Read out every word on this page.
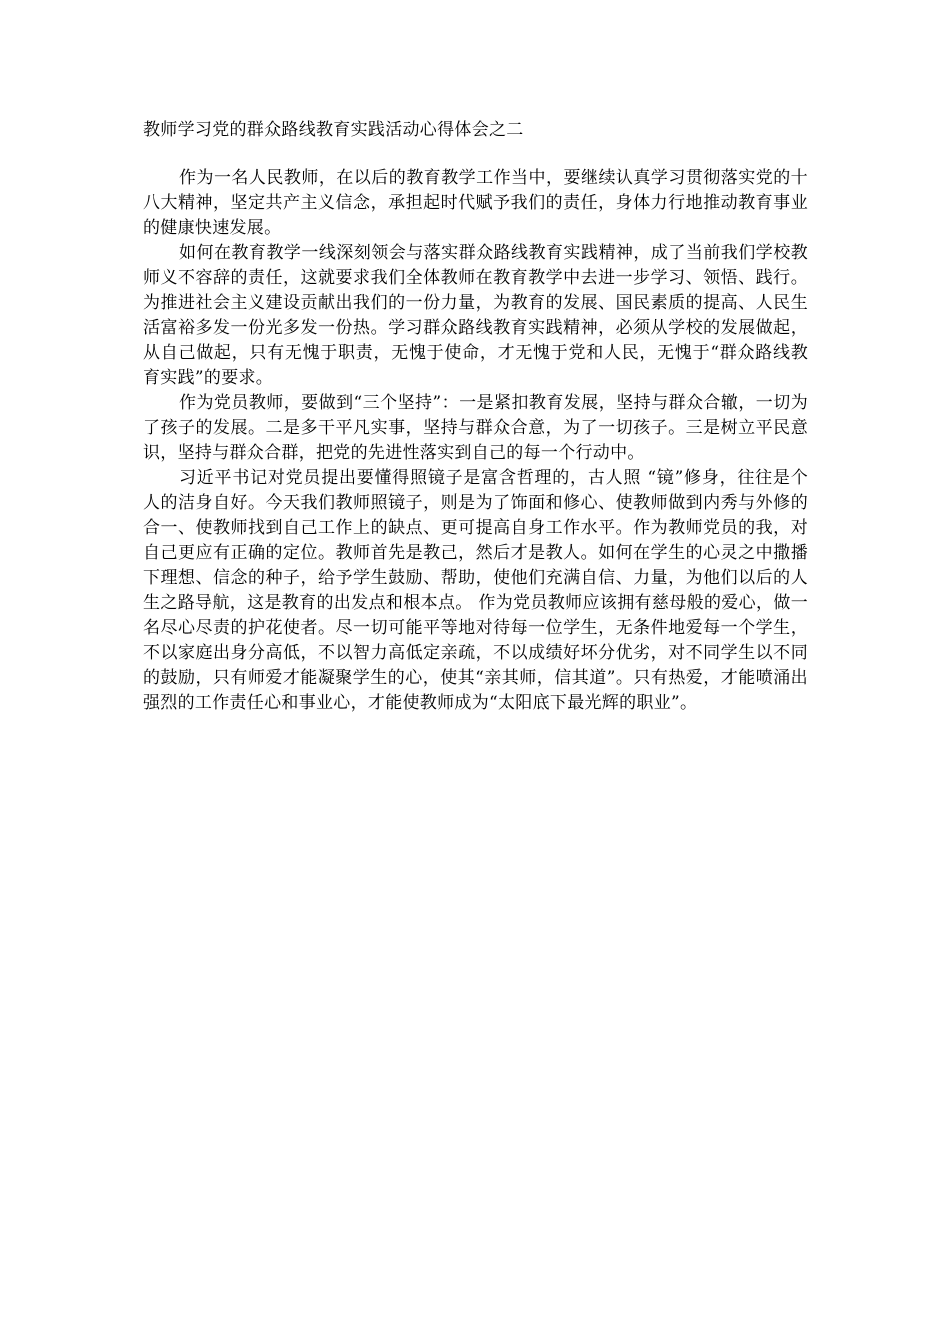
教师学习党的群众路线教育实践活动心得体会之二

作为一名人民教师，在以后的教育教学工作当中，要继续认真学习贯彻落实党的十八大精神，坚定共产主义信念，承担起时代赋予我们的责任，身体力行地推动教育事业的健康快速发展。

如何在教育教学一线深刻领会与落实群众路线教育实践精神，成了当前我们学校教师义不容辞的责任，这就要求我们全体教师在教育教学中去进一步学习、领悟、践行。为推进社会主义建设贡献出我们的一份力量，为教育的发展、国民素质的提高、人民生活富裕多发一份光多发一份热。学习群众路线教育实践精神，必须从学校的发展做起，从自己做起，只有无愧于职责，无愧于使命，才无愧于党和人民，无愧于“群众路线教育实践”的要求。

作为党员教师，要做到“三个坚持”：一是紧扣教育发展，坚持与群众合辙，一切为了孩子的发展。二是多干平凡实事，坚持与群众合意，为了一切孩子。三是树立平民意识，坚持与群众合群，把党的先进性落实到自己的每一个行动中。

习近平书记对党员提出要懂得照镜子是富含哲理的，古人照 “镜”修身，往往是个人的洁身自好。今天我们教师照镜子，则是为了饰面和修心、使教师做到内秀与外修的合一、使教师找到自己工作上的缺点、更可提高自身工作水平。作为教师党员的我，对自己更应有正确的定位。教师首先是教己，然后才是教人。如何在学生的心灵之中撒播下理想、信念的种子，给予学生鼓励、帮助，使他们充满自信、力量，为他们以后的人生之路导航，这是教育的出发点和根本点。 作为党员教师应该拥有慈母般的爱心，做一名尽心尽责的护花使者。尽一切可能平等地对待每一位学生，无条件地爱每一个学生，不以家庭出身分高低，不以智力高低定亲疏，不以成绩好坏分优劣，对不同学生以不同的鼓励，只有师爱才能凝聚学生的心，使其“亲其师，信其道”。只有热爱，才能喷涌出强烈的工作责任心和事业心，才能使教师成为“太阳底下最光辉的职业”。
